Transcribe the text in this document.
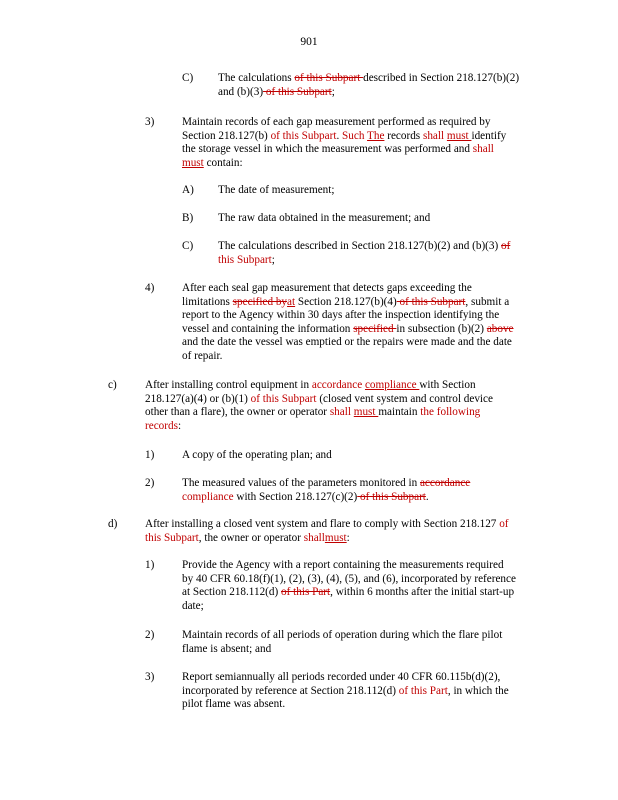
901
C) The calculations of this Subpart described in Section 218.127(b)(2)
and (b)(3) of this Subpart;
3) Maintain records of each gap measurement performed as required by
Section 218.127(b) of this Subpart. Such The records shall must identify
the storage vessel in which the measurement was performed and shall
must contain:
A) The date of measurement;
B) The raw data obtained in the measurement; and
C) The calculations described in Section 218.127(b)(2) and (b)(3) of
this Subpart;
4) After each seal gap measurement that detects gaps exceeding the
limitations specified byat Section 218.127(b)(4) of this Subpart, submit a
report to the Agency within 30 days after the inspection identifying the
vessel and containing the information specified in subsection (b)(2) above
and the date the vessel was emptied or the repairs were made and the date
of repair.
c)	After installing control equipment in accordance compliance with Section
218.127(a)(4) or (b)(1) of this Subpart (closed vent system and control device
other than a flare), the owner or operator shall must maintain the following
records:
1) A copy of the operating plan; and
2) The measured values of the parameters monitored in accordance
compliance with Section 218.127(c)(2) of this Subpart.
d) After installing a closed vent system and flare to comply with Section 218.127 of
this Subpart, the owner or operator shallmust:
1) Provide the Agency with a report containing the measurements required
by 40 CFR 60.18(f)(1), (2), (3), (4), (5), and (6), incorporated by reference
at Section 218.112(d) of this Part, within 6 months after the initial start-up
date;
2) Maintain records of all periods of operation during which the flare pilot
flame is absent; and
3) Report semiannually all periods recorded under 40 CFR 60.115b(d)(2),
incorporated by reference at Section 218.112(d) of this Part, in which the
pilot flame was absent.
